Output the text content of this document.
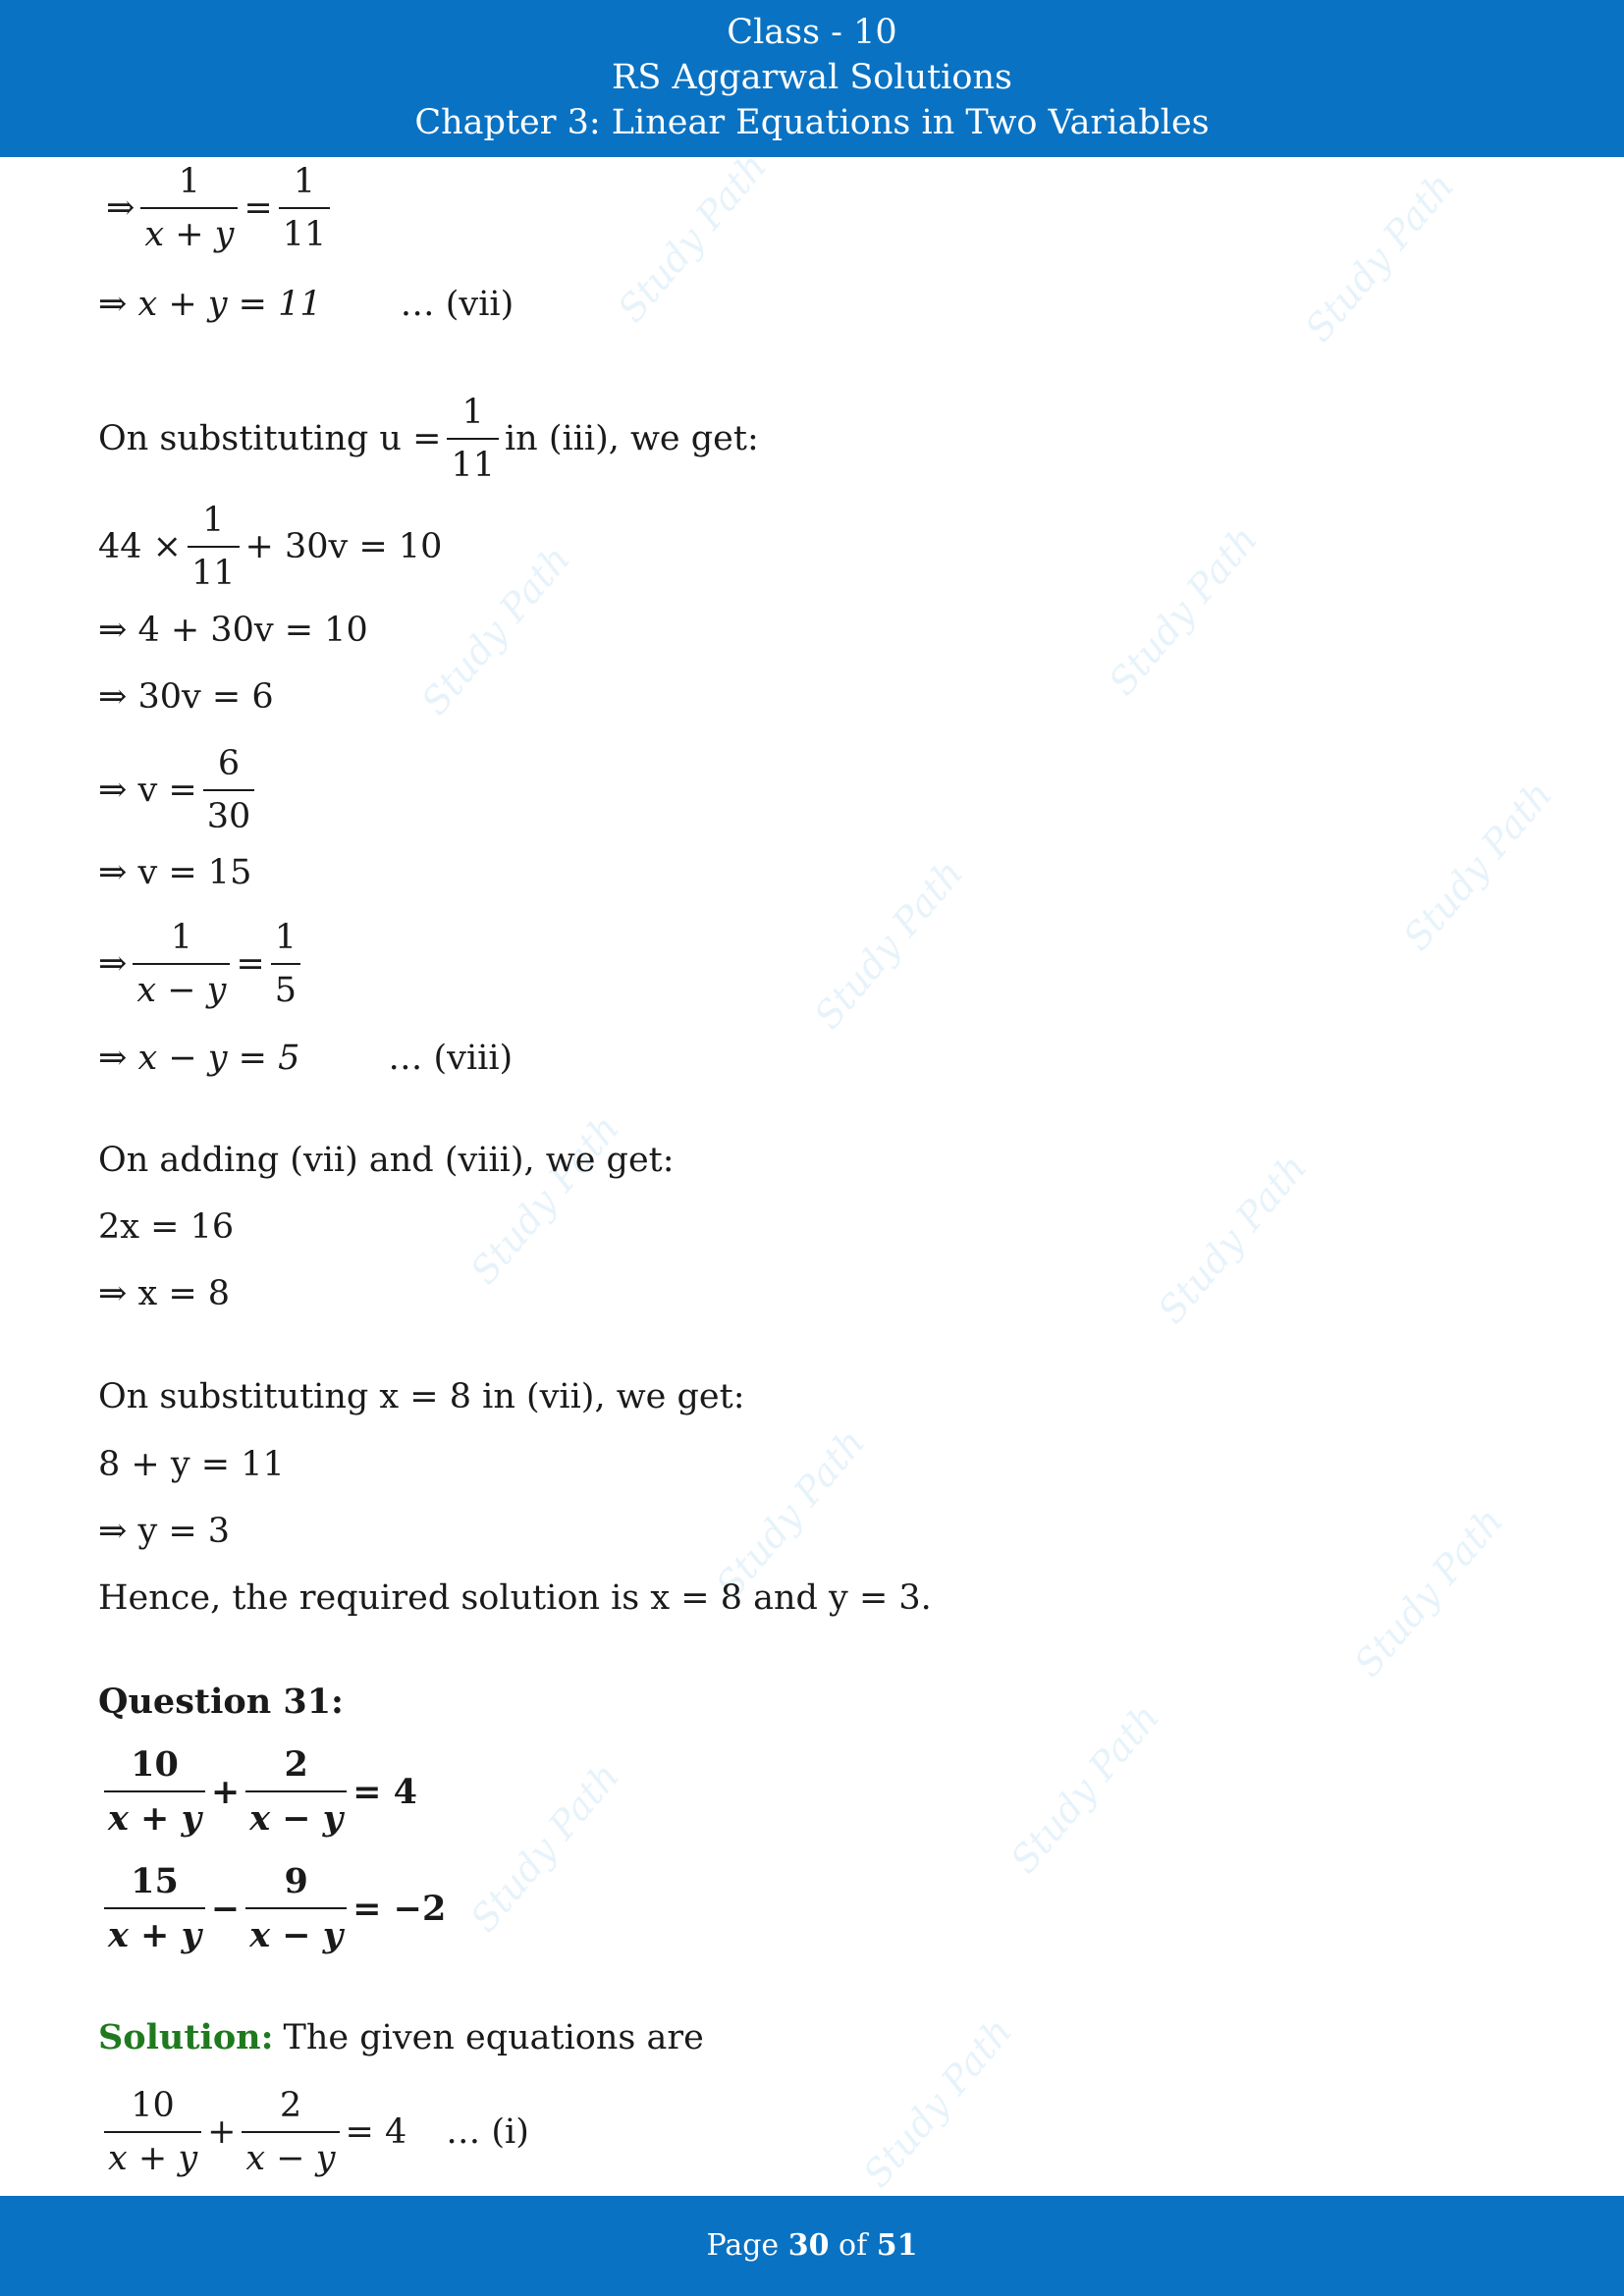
Class - 10
RS Aggarwal Solutions
Chapter 3: Linear Equations in Two Variables
Study Path	Study Path
Study Path	Study Path
Study Path	Study Path
Study Path	Study Path
Study Path	Study Path
Study Path	Study Path
Study Path
⇒ $\frac{1}{x + y} = \frac{1}{11}$
⇒ x + y = 11 … (vii)
On substituting $u = \frac{1}{11}$ in (iii), we get:
$44 \times \frac{1}{11} + 30v = 10$
⇒ 4 + 30v = 10
⇒ 30v = 6
⇒ $v = \frac{6}{30}$
⇒ v = 15
⇒ $\frac{1}{x - y} = \frac{1}{5}$
⇒ x − y = 5	… (viii)
On adding (vii) and (viii), we get:
2x = 16
⇒ x = 8
On substituting x = 8 in (vii), we get:
8 + y = 11
⇒ y = 3
Hence, the required solution is x = 8 and y = 3.
Question 31:
$\frac{10}{x + y} + \frac{2}{x - y} = 4$
$\frac{15}{x + y} - \frac{9}{x - y} = -2$
Solution: The given equations are
$\frac{10}{x + y} + \frac{2}{x - y} = 4$ … (i)
Page 30 of 51
